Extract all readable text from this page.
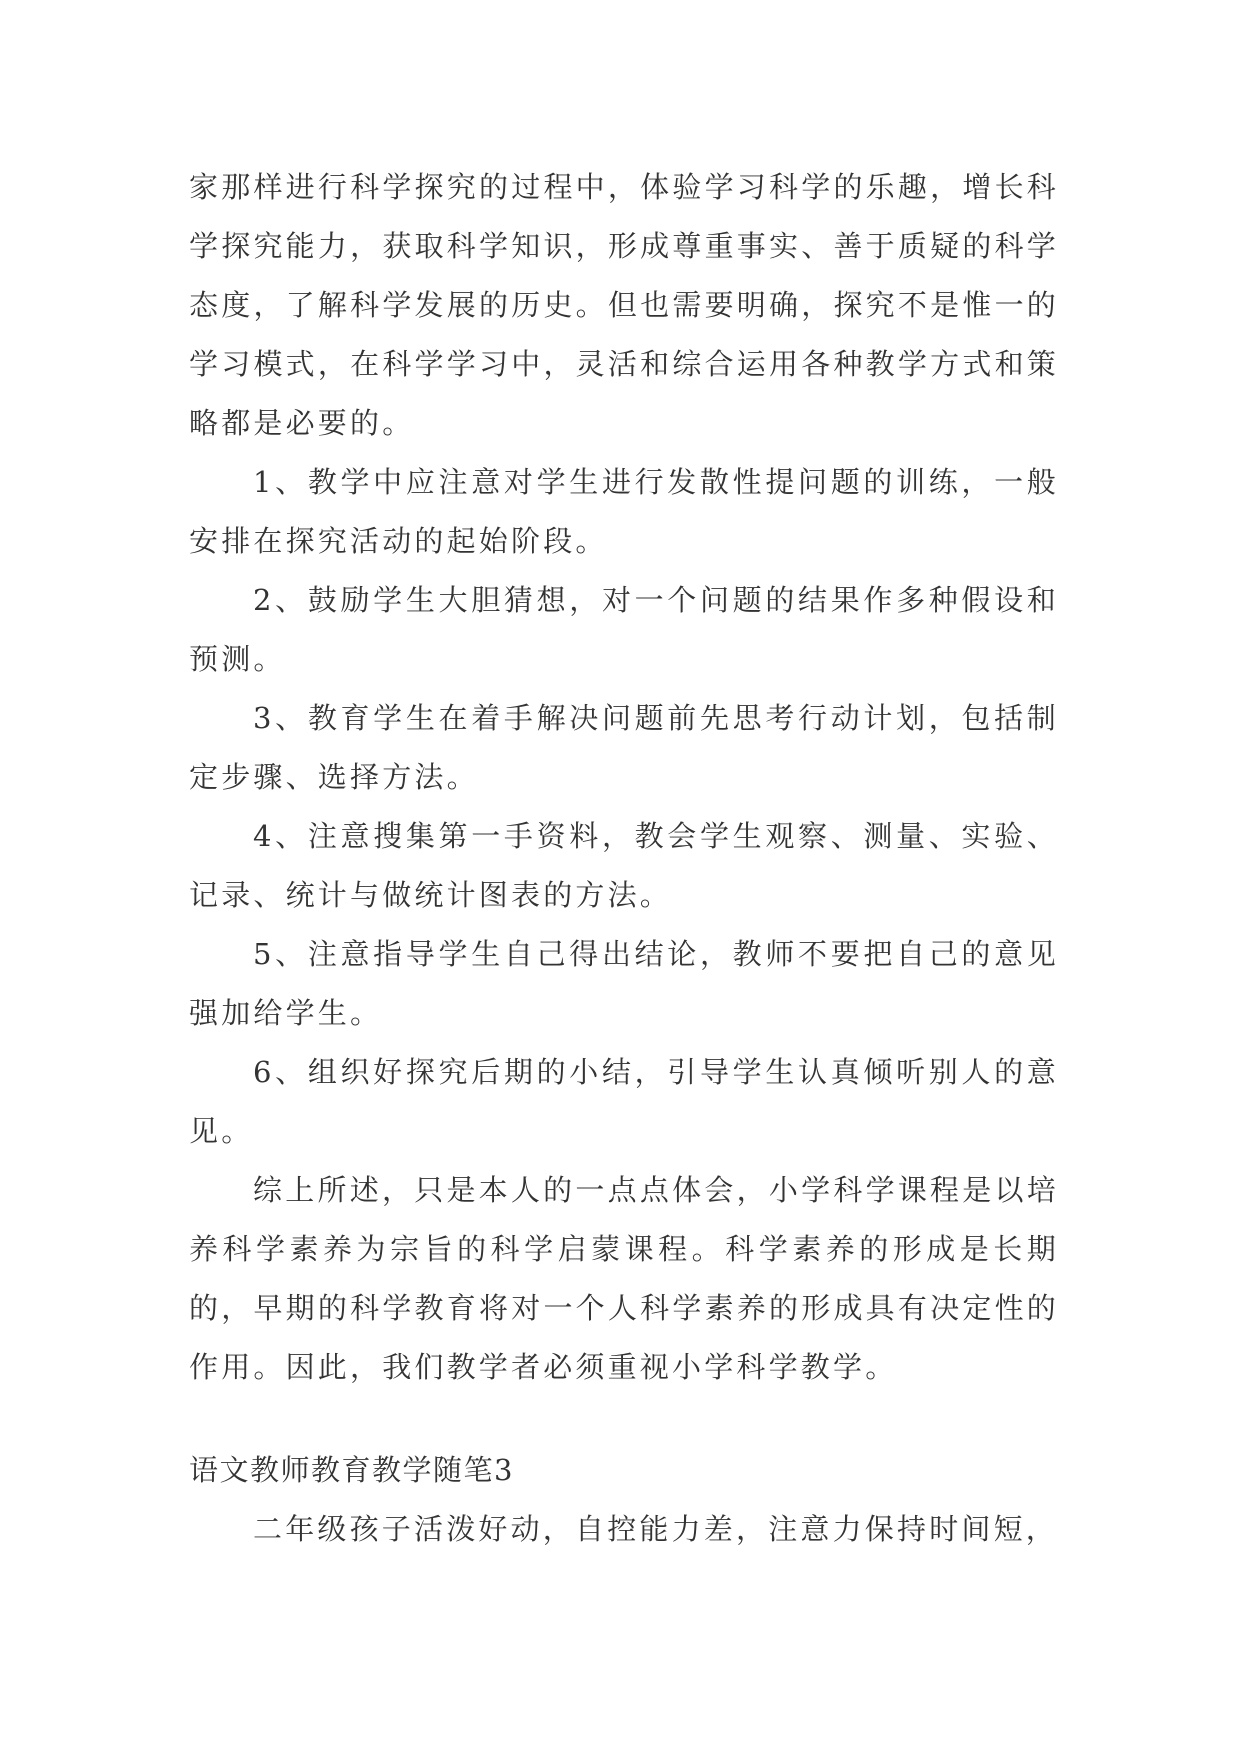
家那样进行科学探究的过程中，体验学习科学的乐趣，增长科学探究能力，获取科学知识，形成尊重事实、善于质疑的科学态度，了解科学发展的历史。但也需要明确，探究不是惟一的学习模式，在科学学习中，灵活和综合运用各种教学方式和策略都是必要的。

1、教学中应注意对学生进行发散性提问题的训练，一般安排在探究活动的起始阶段。

2、鼓励学生大胆猜想，对一个问题的结果作多种假设和预测。

3、教育学生在着手解决问题前先思考行动计划，包括制定步骤、选择方法。

4、注意搜集第一手资料，教会学生观察、测量、实验、记录、统计与做统计图表的方法。

5、注意指导学生自己得出结论，教师不要把自己的意见强加给学生。

6、组织好探究后期的小结，引导学生认真倾听别人的意见。

综上所述，只是本人的一点点体会，小学科学课程是以培养科学素养为宗旨的科学启蒙课程。科学素养的形成是长期的，早期的科学教育将对一个人科学素养的形成具有决定性的作用。因此，我们教学者必须重视小学科学教学。

语文教师教育教学随笔3

二年级孩子活泼好动，自控能力差，注意力保持时间短，
